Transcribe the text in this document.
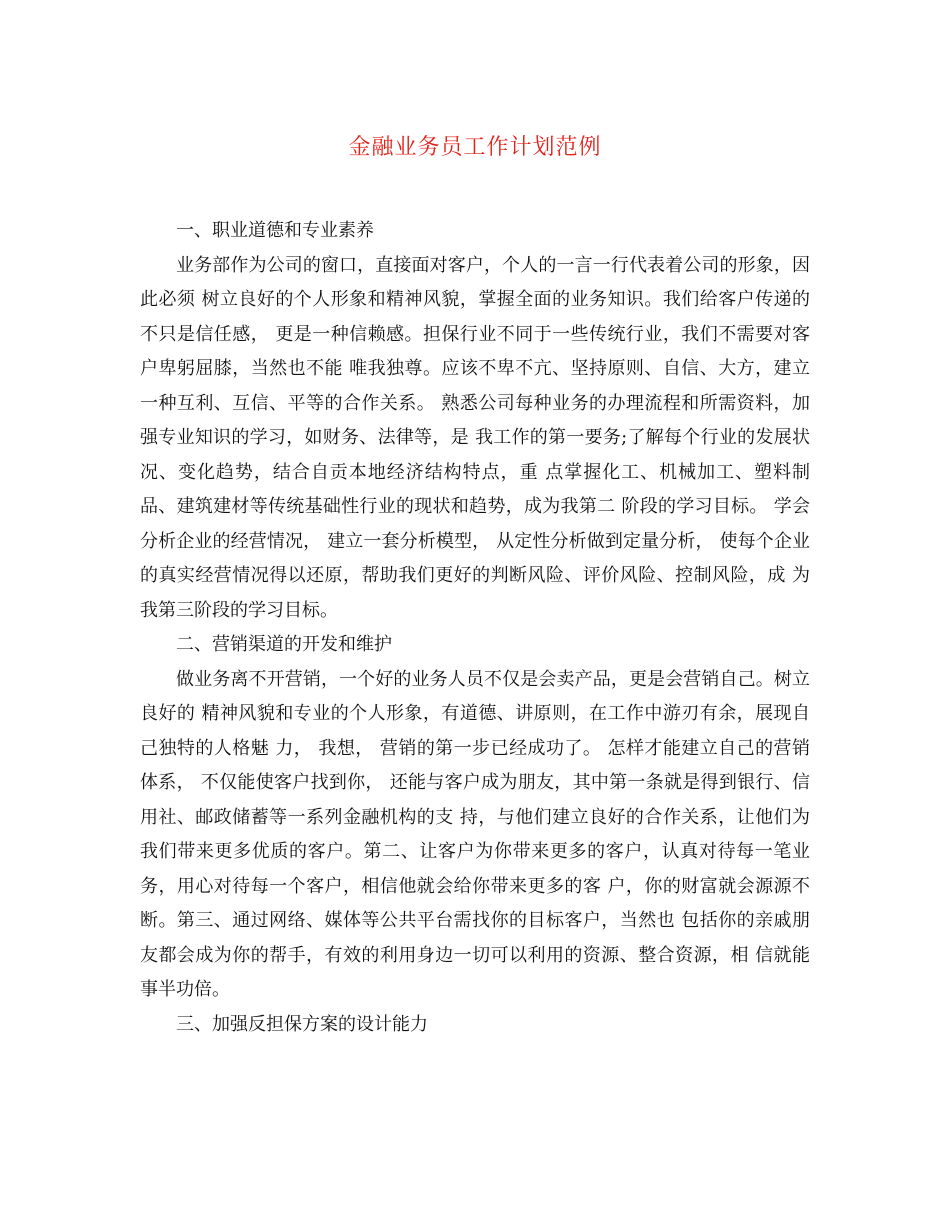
金融业务员工作计划范例

一、职业道德和专业素养

业务部作为公司的窗口，直接面对客户，个人的一言一行代表着公司的形象，因此必须 树立良好的个人形象和精神风貌，掌握全面的业务知识。我们给客户传递的不只是信任感， 更是一种信赖感。担保行业不同于一些传统行业，我们不需要对客户卑躬屈膝，当然也不能 唯我独尊。应该不卑不亢、坚持原则、自信、大方，建立一种互利、互信、平等的合作关系。 熟悉公司每种业务的办理流程和所需资料，加强专业知识的学习，如财务、法律等，是 我工作的第一要务;了解每个行业的发展状况、变化趋势，结合自贡本地经济结构特点，重 点掌握化工、机械加工、塑料制品、建筑建材等传统基础性行业的现状和趋势，成为我第二 阶段的学习目标。 学会分析企业的经营情况， 建立一套分析模型， 从定性分析做到定量分析， 使每个企业的真实经营情况得以还原，帮助我们更好的判断风险、评价风险、控制风险，成 为我第三阶段的学习目标。

二、营销渠道的开发和维护

做业务离不开营销，一个好的业务人员不仅是会卖产品，更是会营销自己。树立良好的 精神风貌和专业的个人形象，有道德、讲原则，在工作中游刃有余，展现自己独特的人格魅 力， 我想， 营销的第一步已经成功了。 怎样才能建立自己的营销体系， 不仅能使客户找到你， 还能与客户成为朋友，其中第一条就是得到银行、信用社、邮政储蓄等一系列金融机构的支 持，与他们建立良好的合作关系，让他们为我们带来更多优质的客户。第二、让客户为你带来更多的客户，认真对待每一笔业务，用心对待每一个客户，相信他就会给你带来更多的客 户，你的财富就会源源不断。第三、通过网络、媒体等公共平台需找你的目标客户，当然也 包括你的亲戚朋友都会成为你的帮手，有效的利用身边一切可以利用的资源、整合资源，相 信就能事半功倍。

三、加强反担保方案的设计能力
